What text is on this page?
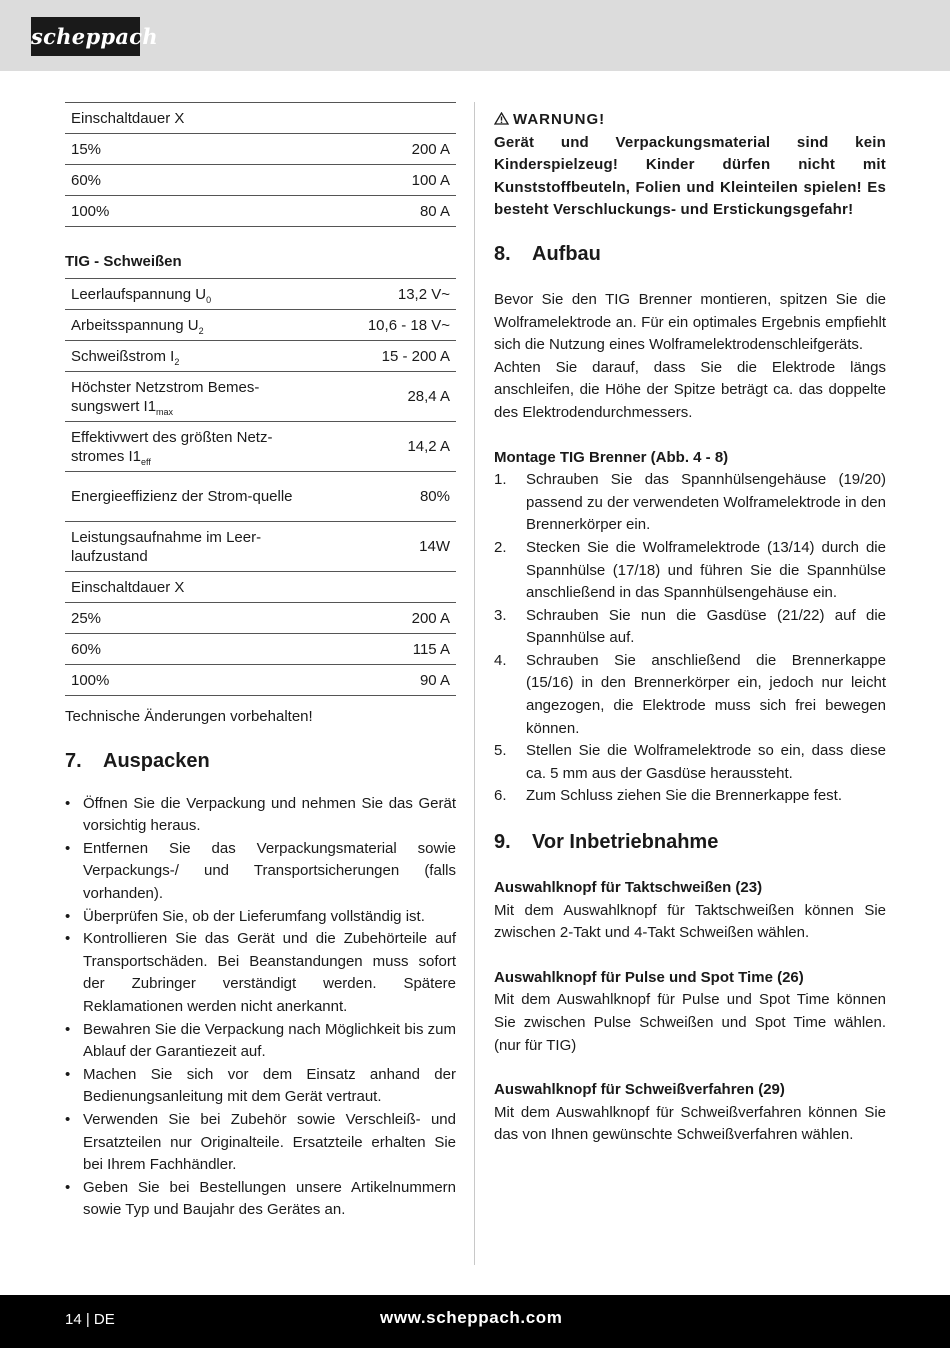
scheppach
Einschaltdauer X	
15%	200 A
60%	100 A
100%	80 A
TIG - Schweißen
Leerlaufspannung $U_0$	13,2 V~
Arbeitsspannung $U_2$	10,6 - 18 V~
Schweißstrom $I_2$	15 - 200 A
Höchster Netzstrom Bemes-sungswert $I1_{max}$	28,4 A
Effektivwert des größten Netz-stromes $I1_{eff}$	14,2 A
Energieeffizienz der Strom-quelle	80%
Leistungsaufnahme im Leer-laufzustand	14W
Einschaltdauer X	
25%	200 A
60%	115 A
100%	90 A

Technische Änderungen vorbehalten!

7. Auspacken
• Öffnen Sie die Verpackung und nehmen Sie das Gerät vorsichtig heraus.
• Entfernen Sie das Verpackungsmaterial sowie Verpackungs-/ und Transportsicherungen (falls vorhanden).
• Überprüfen Sie, ob der Lieferumfang vollständig ist.
• Kontrollieren Sie das Gerät und die Zubehörteile auf Transportschäden. Bei Beanstandungen muss sofort der Zubringer verständigt werden. Spätere Reklamationen werden nicht anerkannt.
• Bewahren Sie die Verpackung nach Möglichkeit bis zum Ablauf der Garantiezeit auf.
• Machen Sie sich vor dem Einsatz anhand der Bedienungsanleitung mit dem Gerät vertraut.
• Verwenden Sie bei Zubehör sowie Verschleiß- und Ersatzteilen nur Originalteile. Ersatzteile erhalten Sie bei Ihrem Fachhändler.
• Geben Sie bei Bestellungen unsere Artikelnummern sowie Typ und Baujahr des Gerätes an.
WARNUNG!
Gerät und Verpackungsmaterial sind kein Kinderspielzeug! Kinder dürfen nicht mit Kunststoffbeuteln, Folien und Kleinteilen spielen! Es besteht Verschluckungs- und Erstickungsgefahr!
8. Aufbau

Bevor Sie den TIG Brenner montieren, spitzen Sie die Wolframelektrode an. Für ein optimales Ergebnis empfiehlt sich die Nutzung eines Wolframelektrodenschleifgeräts.

Achten Sie darauf, dass Sie die Elektrode längs anschleifen, die Höhe der Spitze beträgt ca. das doppelte des Elektrodendurchmessers.

Montage TIG Brenner (Abb. 4 - 8)

1. Schrauben Sie das Spannhülsengehäuse (19/20) passend zu der verwendeten Wolframelektrode in den Brennerkörper ein.
2. Stecken Sie die Wolframelektrode (13/14) durch die Spannhülse (17/18) und führen Sie die Spannhülse anschließend in das Spannhülsengehäuse ein.
3. Schrauben Sie nun die Gasdüse (21/22) auf die Spannhülse auf.
4. Schrauben Sie anschließend die Brennerkappe (15/16) in den Brennerkörper ein, jedoch nur leicht angezogen, die Elektrode muss sich frei bewegen können.
5. Stellen Sie die Wolframelektrode so ein, dass diese ca. 5 mm aus der Gasdüse heraussteht.
6. Zum Schluss ziehen Sie die Brennerkappe fest.
9. Vor Inbetriebnahme

Auswahlknopf für Taktschweißen (23)

Mit dem Auswahlknopf für Taktschweißen können Sie zwischen 2-Takt und 4-Takt Schweißen wählen.

Auswahlknopf für Pulse und Spot Time (26)

Mit dem Auswahlknopf für Pulse und Spot Time können Sie zwischen Pulse Schweißen und Spot Time wählen. (nur für TIG)

Auswahlknopf für Schweißverfahren (29)

Mit dem Auswahlknopf für Schweißverfahren können Sie das von Ihnen gewünschte Schweißverfahren wählen.

14 | DE	www.scheppach.com
